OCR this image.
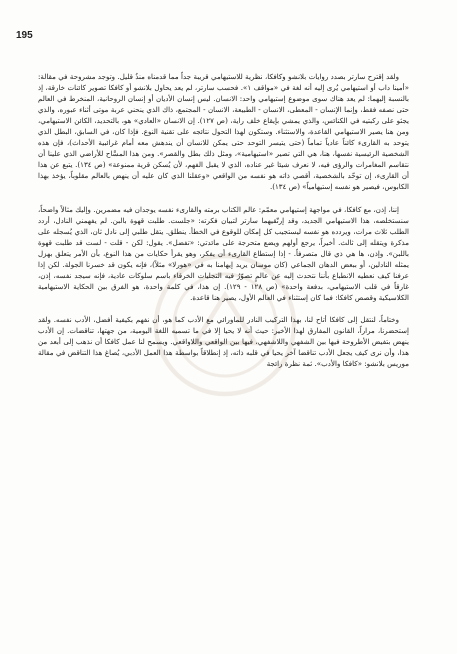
195

ولقد إقترح سارتر بصدد روايات بلانشو وكافكا، نظرية للاستيهامي قريبة جداً مما قدمناه منذُ قليل. وتوجد مشروحة في مقالة: «أمينا داب أو استيهامي يُرى إليه أنه لغة في «مواقف ١». فحسب سارتر، لم يعد يحاول بلانشو أو كافكا تصوير كائنات خارقة، إذ بالنسبة إليهما: لم يعد هناك سوى موضوع إستيهامي واحد: الانسان. ليس إنسان الأديان أو إنسان الروحانية، المنخرط في العالم حتى نصفه فقط، وإنما الإنسان - المعطى، الانسان - الطبيعة، الانسان - المجتمع، ذاك الذي ينحني عربة موتى أثناء عبوره، والذي يجثو على ركبتيه في الكنائس، والذي يمشي بإيقاع خلف راية، (ص ١٢٧). إن الانسان «العادي» هو، بالتحديد، الكائن الاستيهامي، ومن هنا يصير الاستيهامي القاعدة، والاستثناء. وستكون لهذا التحول نتائجه على تقنية النوع. فإذا كان، في السابق، البطل الذي يتوحد به القارىء كائناً عادياً تماماً (حتى يتيسر التوحد حتى يمكن للانسان أن يندهش معه أمام غرائبية الأحداث)، فإن هذه الشخصية الرئيسية نفسها، هنا، هي التي تصير «استيهامية»، ومثل ذلك بطل والقصر». ومن هذا المسَّاح للأراضي الذي علينا أن نتقاسم المغامرات والرؤى فيه، لا نعرف شيئا غير عناده، الذي لا يقبل الفهم، لأن يُسكن قرية ممنوعة» (ص ١٣٤). يتبع عن هذا أن القارىء، إن توحّد بالشخصية، أقصي ذاته هو نفسه من الواقعي «وعقلنا الذي كان عليه أن ينهض بالعالم مقلوباً، يؤخذ بهذا الكابوس، فيصير هو نفسه إستيهامياً» (ص ١٣٤).

إننا، إذن، مع كافكا، في مواجهة إستيهامي معمّم: عالم الكتاب برمته والقارىء نفسه يوجدان فيه مضمرين. وإليك مثالاً واضحاً، سنستخلصه، هذا الاستيهامي الجديد، وقد إرتّقيهما سارتر لتبيان فكرته: «جلست. طلبت قهوة بالبن. لم يفهمني النادل، أردد الطلب ثلاث مرات، ويردده هو نفسه ليستجيب كل إمكان للوقوع في الخطأ. ينطلق. يتقل طلبي إلى نادل ثان، الذي يُسجله على مذكرة ويتقله إلى ثالث. أخيراً، يرجع أولهم ويضع متحرجة على مائدتي: «تفضل». يقول: لكن - قلت - لست قد طلبت قهوة باللبن». وإذن، ها هي ذي قال متصرفاً. - إذا إستطاع القارىء أن يفكر، وهو يقرأ حكايات من هذا النوع، بأن الأمر يتعلق بهزل يمثله النادلين، أو ببعض الدهان الجماعي (كان موسان يريد إيهامنا به في «هورلا» مثلاً)، فإنه يكون قد خسرنا الجولة. لكن إذا عرفنا كيف نعطيه الانطباع بأننا نتحدث إليه عن عالمٍ تصوّرُ فيه التجليات الخرقاء باسم سلوكات عادية، فإنه سيجد نفسه، إذن، غارقاً في قلب الاستيهامي، بدفعة واحدة» (ص ١٢٨ - ١٢٩). إن هذا، في كلمة واحدة، هو الفرق بين الحكاية الاستيهامية الكلاسيكية وقصص كافكا: فما كان إستثناء في العالم الأول، يصير هنا قاعدة.

وختاماً، لنتقل إلى كافكا أتاح لنا، بهذا التركيب النادر للماورائي مع الأدب كما هو، أن نفهم بكيفية أفضل، الأدب نفسه. ولقد إستحضرنا، مراراً، القانون المفارق لهذا الأخير: حيث أنه لا يحيا إلا في ما تسميه اللغة اليومية، من جهتها، تناقضات. إن الأدب ينهض بتفيض الأطروحة فيها بين الشفهي واللاشفهي، فيها بين الواقعي واللاواقعي. ويسمح لنا عمل كافكا أن نذهب إلى أبعد من هذا، وأن نرى كيف يجعل الأدب تناقضا آخر يحيا في قلبه ذاته، إذ إنطلاقاً بواسطة هذا العمل الأدبي، يُصاغ هذا التناقض في مقالة موريس بلانشو: «كافكا والأدب». ثمة نظرة رائجة
